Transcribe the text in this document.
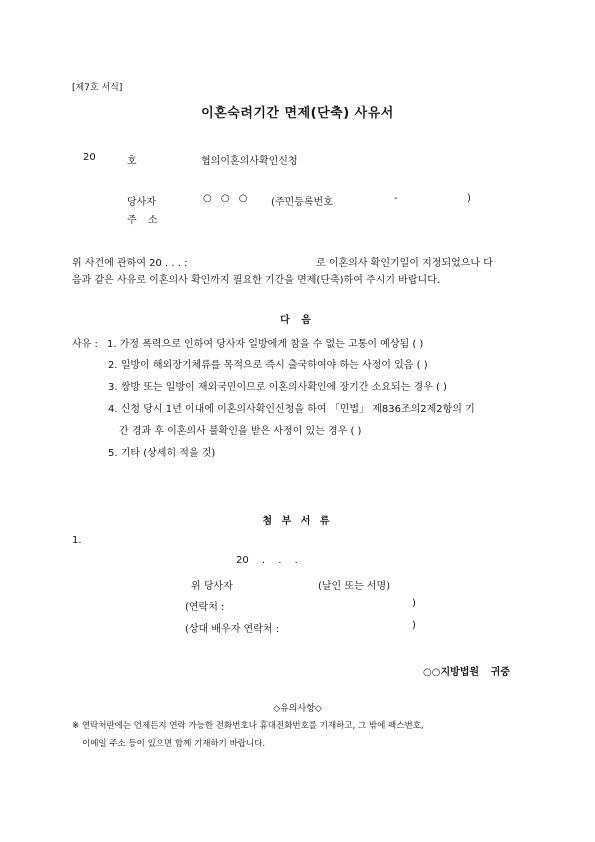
[제7호 서식]
이혼숙려기간 면제(단축) 사유서
20	호	협의이혼의사확인신청
당사자	○ ○ ○ (주민등록번호	-	)
주 소
위 사건에 관하여 20 . . . :	로 이혼의사 확인기일이 지정되었으나 다
음과 같은 사유로 이혼의사 확인까지 필요한 기간을 면제(단축)하여 주시기 바랍니다.
다 음
사유 : 1. 가정 폭력으로 인하여 당사자 일방에게 참을 수 없는 고통이 예상됨 ( )
2. 일방이 해외장기체류를 목적으로 즉시 출국하여야 하는 사정이 있음 ( )
3. 쌍방 또는 일방이 재외국민이므로 이혼의사확인에 장기간 소요되는 경우 ( )
4. 신청 당시 1년 이내에 이혼의사확인신청을 하여 「민법」 제836조의2제2항의 기
간 경과 후 이혼의사 불확인을 받은 사정이 있는 경우 ( )
5. 기타 (상세히 적을 것)
첨 부 서 류
1.
20 . . .
위 당사자	(날인 또는 서명)
(연락처 :	)
(상대 배우자 연락처 :	)
○○지방법원 귀중
◇유의사항◇
※ 연락처란에는 언제든지 연락 가능한 전화번호나 휴대전화번호를 기재하고, 그 밖에 팩스번호,
이메일 주소 등이 있으면 함께 기재하기 바랍니다.
